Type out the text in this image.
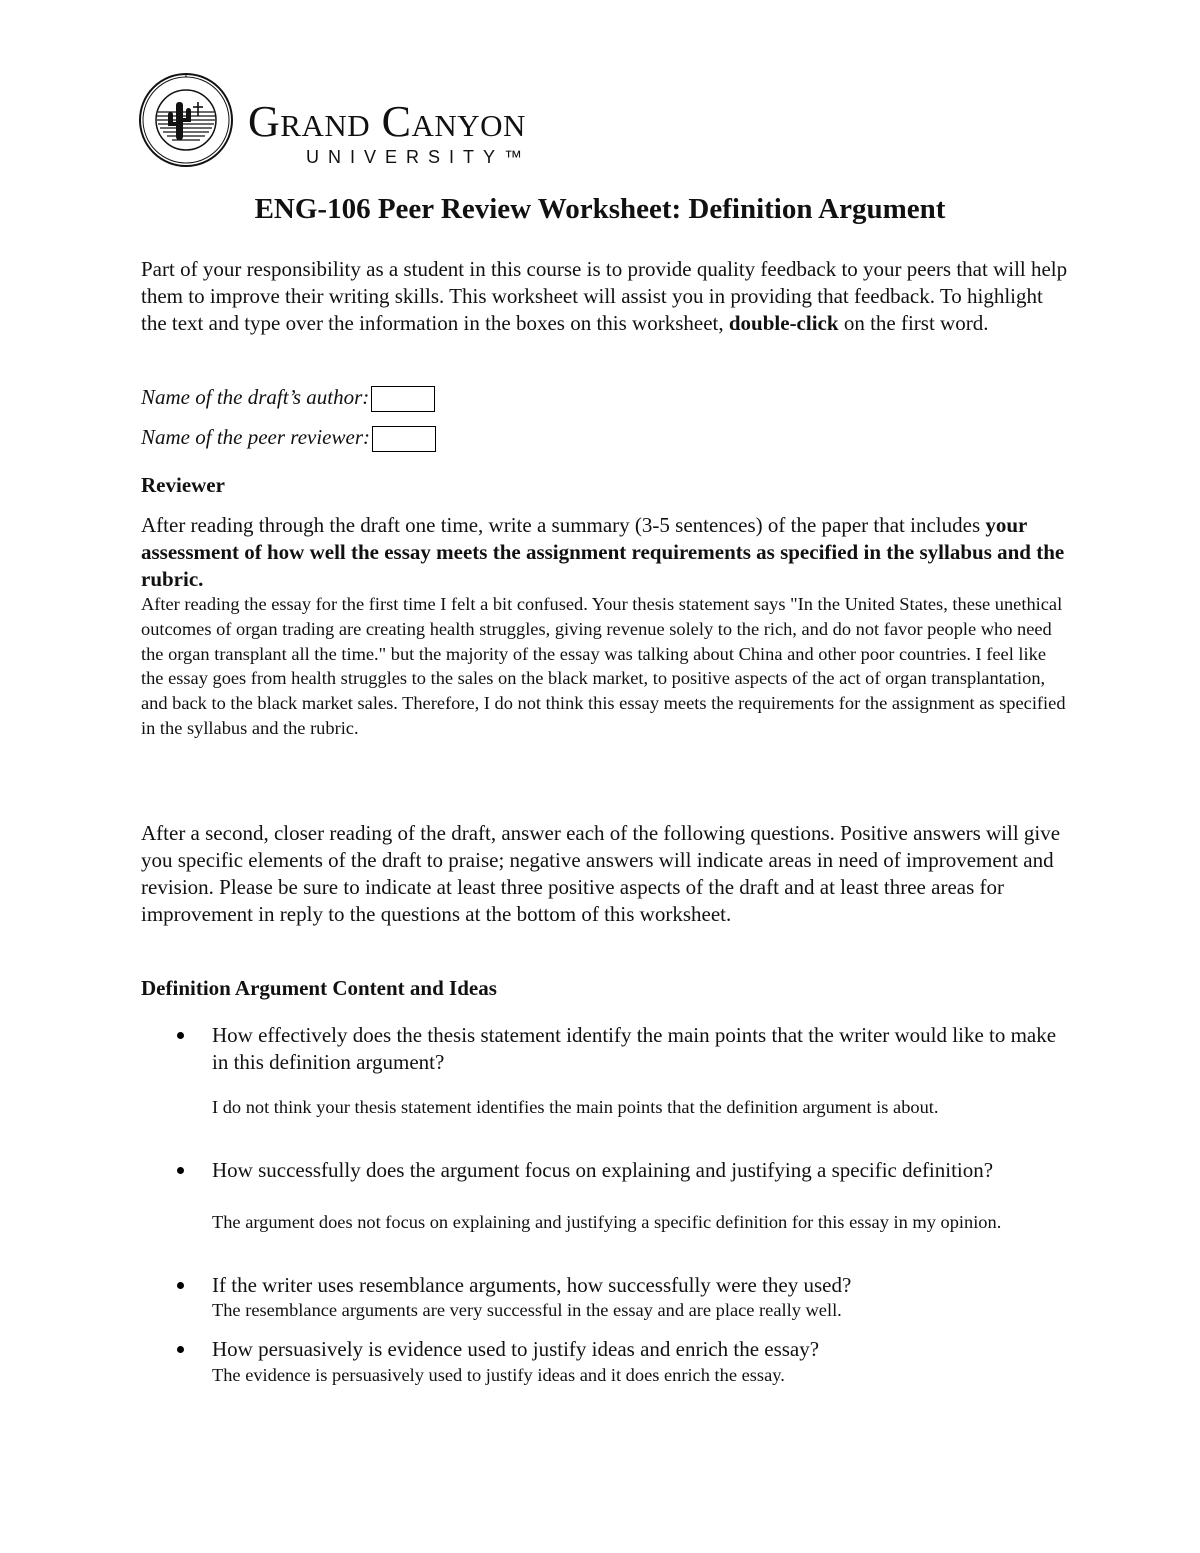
Grand Canyon
UNIVERSITY™
ENG-106 Peer Review Worksheet: Definition Argument

Part of your responsibility as a student in this course is to provide quality feedback to your peers that will help them to improve their writing skills. This worksheet will assist you in providing that feedback. To highlight the text and type over the information in the boxes on this worksheet, double-click on the first word.

Name of the draft’s author:
Name of the peer reviewer:
Reviewer

After reading through the draft one time, write a summary (3-5 sentences) of the paper that includes your assessment of how well the essay meets the assignment requirements as specified in the syllabus and the rubric.

After reading the essay for the first time I felt a bit confused. Your thesis statement says "In the United States, these unethical outcomes of organ trading are creating health struggles, giving revenue solely to the rich, and do not favor people who need the organ transplant all the time." but the majority of the essay was talking about China and other poor countries. I feel like the essay goes from health struggles to the sales on the black market, to positive aspects of the act of organ transplantation, and back to the black market sales. Therefore, I do not think this essay meets the requirements for the assignment as specified in the syllabus and the rubric.

After a second, closer reading of the draft, answer each of the following questions. Positive answers will give you specific elements of the draft to praise; negative answers will indicate areas in need of improvement and revision. Please be sure to indicate at least three positive aspects of the draft and at least three areas for improvement in reply to the questions at the bottom of this worksheet.

Definition Argument Content and Ideas

How effectively does the thesis statement identify the main points that the writer would like to make in this definition argument?

I do not think your thesis statement identifies the main points that the definition argument is about.

How successfully does the argument focus on explaining and justifying a specific definition?

The argument does not focus on explaining and justifying a specific definition for this essay in my opinion.

If the writer uses resemblance arguments, how successfully were they used?

The resemblance arguments are very successful in the essay and are place really well.

How persuasively is evidence used to justify ideas and enrich the essay?

The evidence is persuasively used to justify ideas and it does enrich the essay.
